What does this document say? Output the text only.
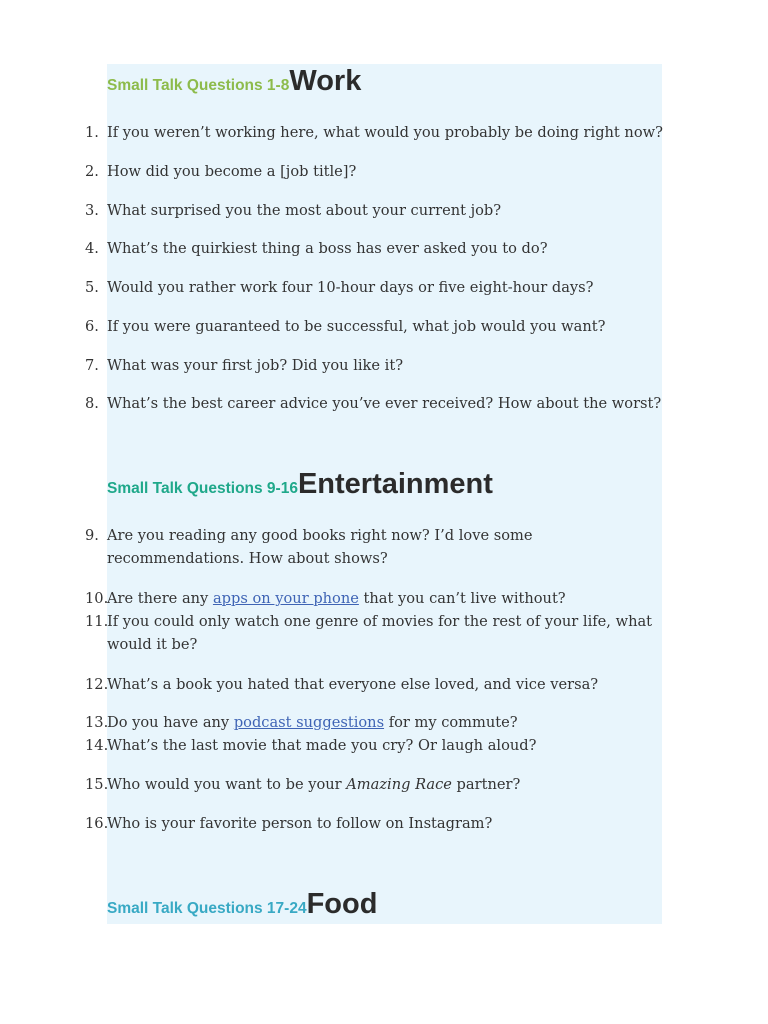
Small Talk Questions 1-8Work
1. If you weren’t working here, what would you probably be doing right now?
2. How did you become a [job title]?
3. What surprised you the most about your current job?
4. What’s the quirkiest thing a boss has ever asked you to do?
5. Would you rather work four 10-hour days or five eight-hour days?
6. If you were guaranteed to be successful, what job would you want?
7. What was your first job? Did you like it?
8. What’s the best career advice you’ve ever received? How about the worst?
Small Talk Questions 9-16Entertainment
9. Are you reading any good books right now? I’d love some recommendations. How about shows?
10.
Are there any apps on your phone that you can’t live without?
11.
If you could only watch one genre of movies for the rest of your life, what would it be?
12.
What’s a book you hated that everyone else loved, and vice versa?
13.
Do you have any podcast suggestions for my commute?
14.
What’s the last movie that made you cry? Or laugh aloud?
15.
Who would you want to be your Amazing Race partner?
16.
Who is your favorite person to follow on Instagram?
Small Talk Questions 17-24Food
